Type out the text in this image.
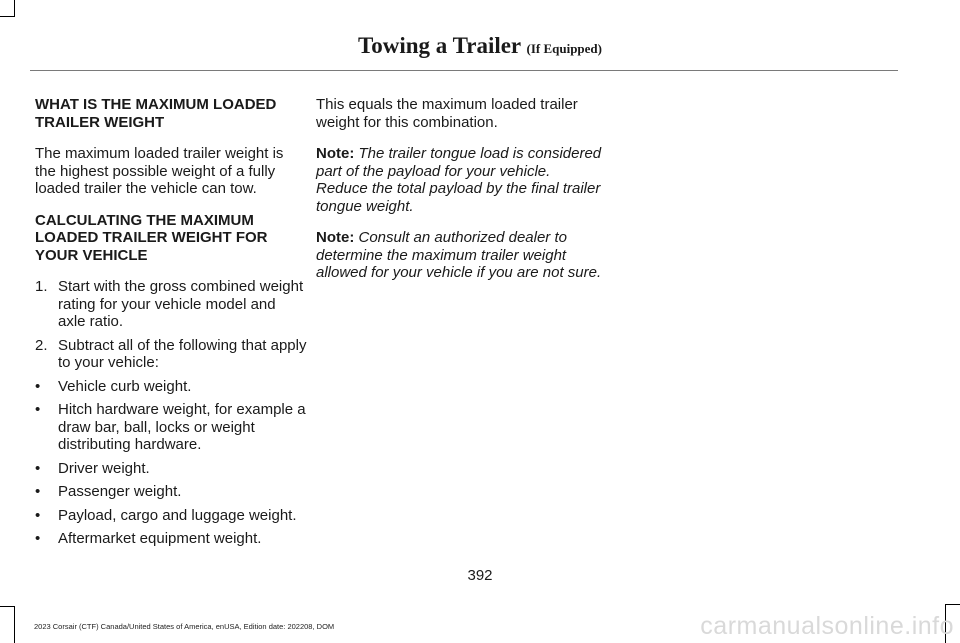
Towing a Trailer (If Equipped)
WHAT IS THE MAXIMUM LOADED TRAILER WEIGHT

The maximum loaded trailer weight is the highest possible weight of a fully loaded trailer the vehicle can tow.

CALCULATING THE MAXIMUM LOADED TRAILER WEIGHT FOR YOUR VEHICLE
1. Start with the gross combined weight rating for your vehicle model and axle ratio.
2. Subtract all of the following that apply to your vehicle:
• Vehicle curb weight.
• Hitch hardware weight, for example a draw bar, ball, locks or weight distributing hardware.
• Driver weight.
• Passenger weight.
• Payload, cargo and luggage weight.
• Aftermarket equipment weight.

This equals the maximum loaded trailer weight for this combination.

Note: The trailer tongue load is considered part of the payload for your vehicle. Reduce the total payload by the final trailer tongue weight.

Note: Consult an authorized dealer to determine the maximum trailer weight allowed for your vehicle if you are not sure.

392
2023 Corsair (CTF) Canada/United States of America, enUSA, Edition date: 202208, DOM	carmanualsonline.info
